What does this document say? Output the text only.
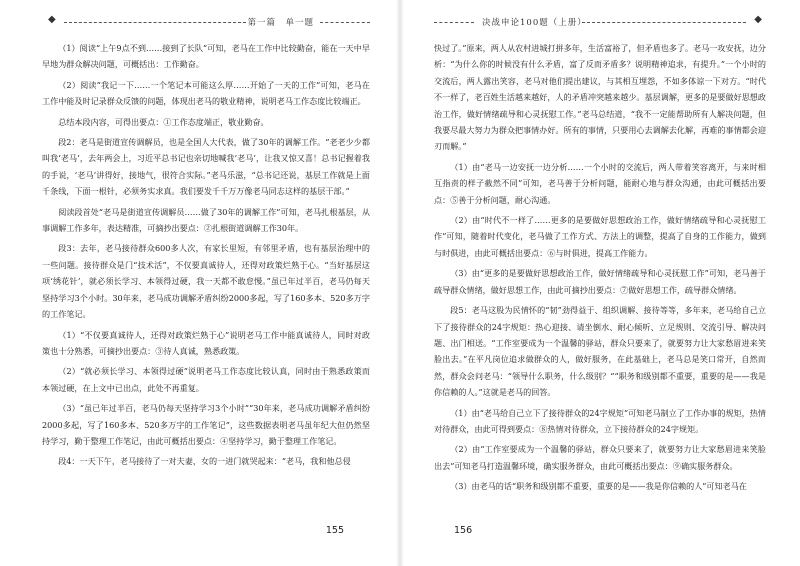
◆	第一篇　单一题

（1）阅读“上午9点不到……接到了长队”可知，老马在工作中比较勤奋，能在一天中早早地为群众解决问题，可概括出：工作勤奋。

（2）阅读“我记一下……一个笔记本可能这么厚……开始了一天的工作”可知，老马在工作中能及时记录群众反馈的问题，体现出老马的敬业精神，说明老马工作态度比较端正。

总结本段内容，可得出要点：①工作态度端正，敬业勤奋。

段2：老马是街道宣传调解员，也是全国人大代表，做了30年的调解工作。“老老少少都叫我‘老马’，去年两会上，习近平总书记也亲切地喊我‘老马’，让我又惊又喜！总书记握着我的手说，‘老马’讲得好，接地气，很符合实际。”老马乐滋，“总书记还说，基层工作就是上面千条线，下面一根针，必须务实求真。我们要发千千万万像老马同志这样的基层干部。”

阅读段首处“老马是街道宣传调解员……做了30年的调解工作”可知，老马扎根基层，从事调解工作多年，表达精准，可摘抄出要点：②扎根街道调解工作30年。

段3：去年，老马接待群众600多人次，有家长里短，有邻里矛盾，也有基层治理中的一些问题。接待群众是门“技术活”，不仅要真诚待人，还得对政策烂熟于心。“当好基层这项‘绣花针’，就必须长学习、本领得过硬，我一天都不敢怠慢。”虽已年过半百，老马仍每天坚持学习3个小时。30年来，老马成功调解矛盾纠纷2000多起，写了160多本、520多万字的工作笔记。

（1）“不仅要真诚待人，还得对政策烂熟于心”说明老马工作中能真诚待人，同时对政策也十分熟悉，可摘抄出要点：③待人真诚，熟悉政策。

（2）“就必须长学习、本领得过硬”说明老马工作态度比较认真，同时由于熟悉政策而本领过硬，在上文中已出点，此处不再重复。

（3）“虽已年过半百，老马仍每天坚持学习3个小时”“30年来，老马成功调解矛盾纠纷2000多起，写了160多本、520多万字的工作笔记”，这些数据表明老马虽年纪大但仍然坚持学习，勤于整理工作笔记，由此可概括出要点：④坚持学习，勤于整理工作笔记。

段4：一天下午，老马接待了一对夫妻，女的一进门就哭起来：“老马，我和他总侵

155
决战申论100题（上册）	◆

快过了。”原来，两人从农村进城打拼多年，生活富裕了，但矛盾也多了。老马一攻安抚，边分析：“为什么你的时候没有什么矛盾，富了反而矛盾多？说明精神追求，有提升。”一个小时的交流后，两人露出笑容，老马对他们提出建议，与其相互埋怨，不如多体谅一下对方。“时代不一样了，老百姓生活越来越好，人的矛盾冲突越来越少。基层调解，更多的是要做好思想政治工作，做好情绪疏导和心灵抚慰工作。”老马总结道，“我不一定能帮助所有人解决问题，但我要尽最大努力为群众把事情办好。所有的事情，只要用心去调解去化解，再难的事情都会迎刃而解。”

（1）由“老马一边安抚一边分析……一个小时的交流后，两人带着笑容离开，与来时相互指责的样子截然不同”可知，老马善于分析问题，能耐心地与群众沟通，由此可概括出要点：⑤善于分析问题，耐心沟通。

（2）由“时代不一样了……更多的是要做好思想政治工作，做好情绪疏导和心灵抚慰工作”可知，随着时代变化，老马做了工作方式、方法上的调整，提高了自身的工作能力，做到与时俱进，由此可概括出要点：⑥与时俱进，提高工作能力。

（3）由“更多的是要做好思想政治工作，做好情绪疏导和心灵抚慰工作”可知，老马善于疏导群众情绪，做好思想工作，由此可摘抄出要点：⑦做好思想工作，疏导群众情绪。

段5：老马这股为民情怀的“韧”劲得益于、组织调解、接待等等，多年来，老马给自己立下了接待群众的24字规矩：热心迎接、请坐倒水、耐心倾听、立足规则、交流引导、解决问题、出门相送。“工作室要成为一个温馨的驿站，群众只要来了，就要努力让大家愁眉进来笑脸出去。”在平凡岗位追求做群众的人，做好服务，在此基础上，老马总是笑口常开，自然而然，群众会问老马：“领导什么职务，什么级别？”“职务和级别都不重要，重要的是——我是你信赖的人。”这就是老马的回答。

（1）由“老马给自己立下了接待群众的24字规矩”可知老马制立了工作办事的规矩，热情对待群众，由此可得到要点：⑧热情对待群众，立下接待群众的24字规矩。

（2）由“工作室要成为一个温馨的驿站，群众只要来了，就要努力让大家愁眉进来笑脸出去”可知老马打造温馨环境，确实服务群众，由此可概括出要点：⑨确实服务群众。

（3）由老马的话“职务和级别都不重要，重要的是——我是你信赖的人”可知老马在

156
